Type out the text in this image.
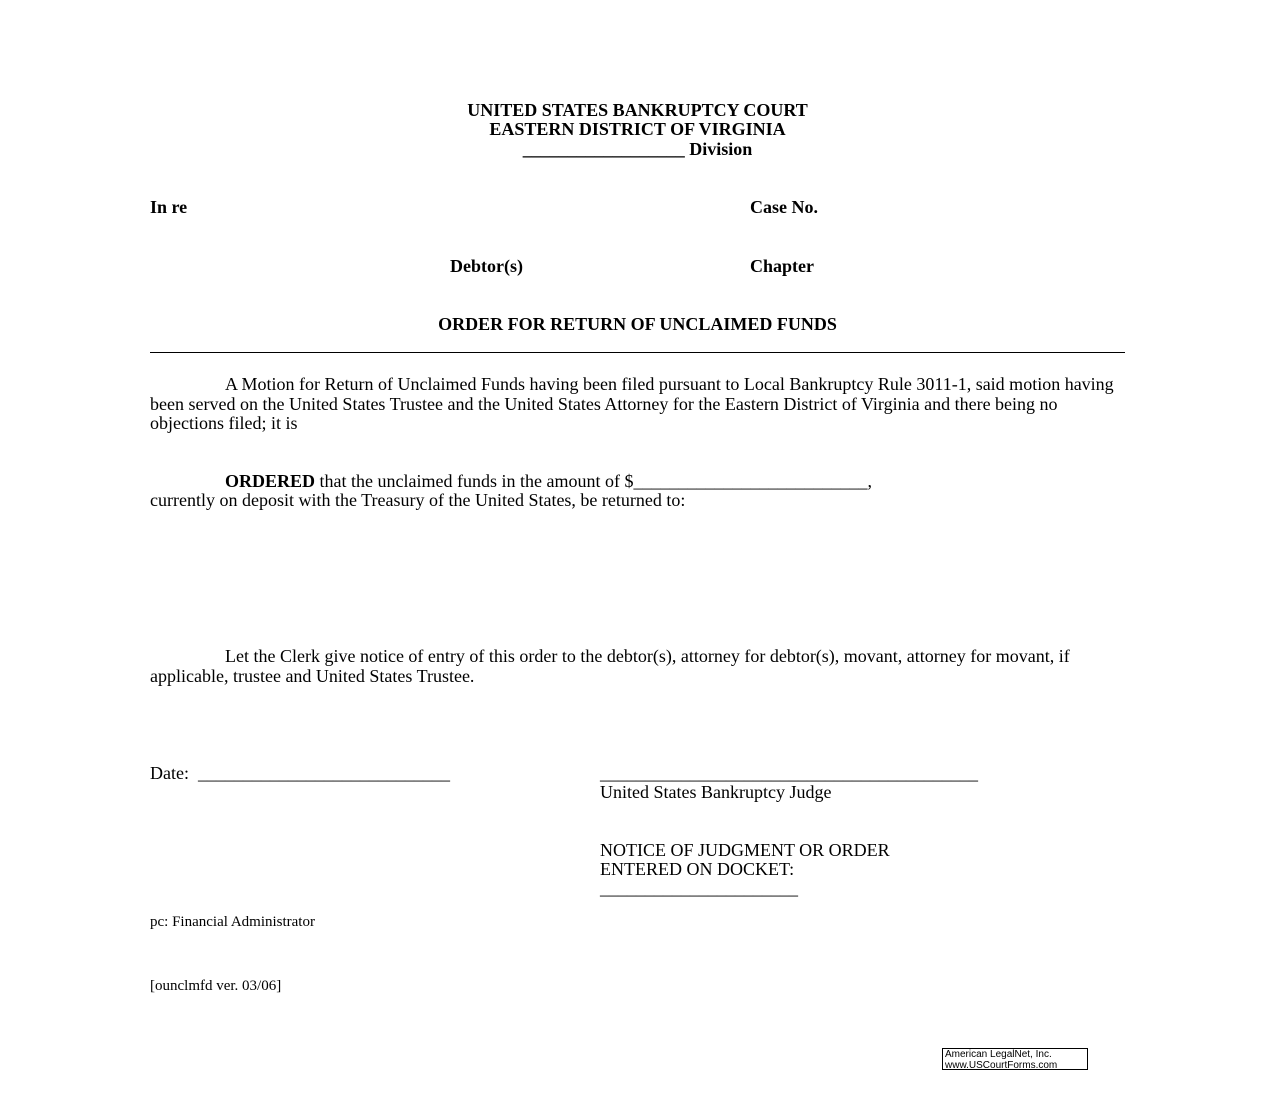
UNITED STATES BANKRUPTCY COURT
EASTERN DISTRICT OF VIRGINIA
__________________ Division
In re	Case No.
Debtor(s)	Chapter
ORDER FOR RETURN OF UNCLAIMED FUNDS
A Motion for Return of Unclaimed Funds having been filed pursuant to Local Bankruptcy Rule 3011-1, said motion having been served on the United States Trustee and the United States Attorney for the Eastern District of Virginia and there being no objections filed; it is
ORDERED that the unclaimed funds in the amount of $__________________________,
currently on deposit with the Treasury of the United States, be returned to:
Let the Clerk give notice of entry of this order to the debtor(s), attorney for debtor(s), movant, attorney for movant, if applicable, trustee and United States Trustee.
Date:  ____________________________	__________________________________________
United States Bankruptcy Judge
NOTICE OF JUDGMENT OR ORDER
ENTERED ON DOCKET:
______________________
pc: Financial Administrator
[ounclmfd ver. 03/06]
American LegalNet, Inc.
www.USCourtForms.com
